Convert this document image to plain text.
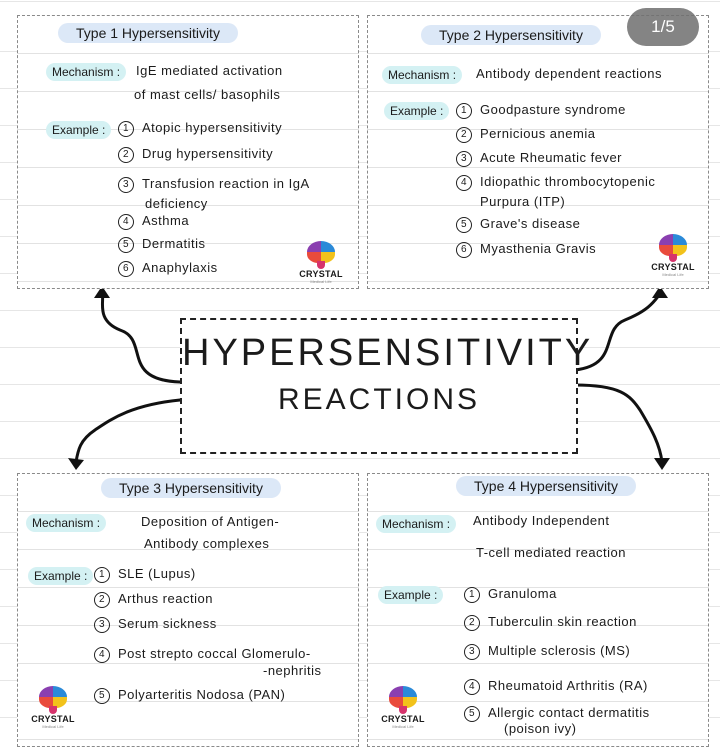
Type 1 Hypersensitivity
Mechanism :	IgE mediated activation
of mast cells/ basophils
Example :	1 Atopic hypersensitivity
2 Drug hypersensitivity
3 Transfusion reaction in IgA
deficiency
4 Asthma
5 Dermatitis
6 Anaphylaxis	CRYSTAL
Medical Life
Type 2 Hypersensitivity
Mechanism :	Antibody dependent reactions
Example :	1 Goodpasture syndrome
2 Pernicious anemia
3 Acute Rheumatic fever
4 Idiopathic thrombocytopenic
Purpura (ITP)
5 Grave's disease
6 Myasthenia Gravis
CRYSTAL
Medical Life
Type 3 Hypersensitivity
Mechanism :	Deposition of Antigen-
Antibody complexes
Example :	1 SLE (Lupus)
2 Arthus reaction
3 Serum sickness
4 Post strepto coccal Glomerulo-
-nephritis
5 Polyarteritis Nodosa (PAN)
CRYSTAL
Medical Life
Type 4 Hypersensitivity
Mechanism :	Antibody Independent
T-cell mediated reaction
Example :	1 Granuloma
2 Tuberculin skin reaction
3 Multiple sclerosis (MS)
4 Rheumatoid Arthritis (RA)
5 Allergic contact dermatitis
(poison ivy)
CRYSTAL
Medical Life
HYPERSENSITIVITY
REACTIONS
1/5
